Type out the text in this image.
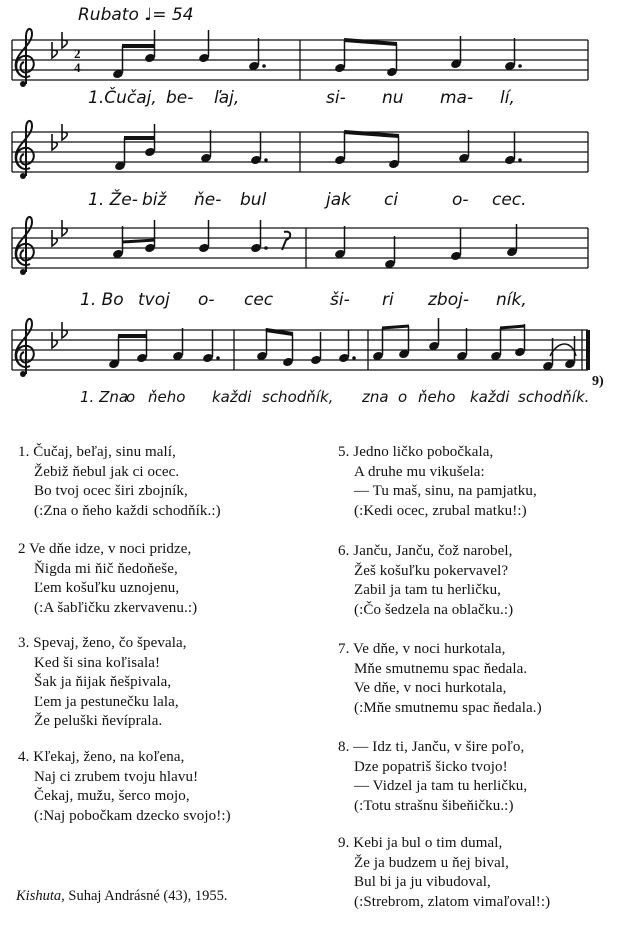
Rubato ♩= 54
2
4
1.Čučaj, be- ľaj,	si- nu ma- lí,
1. Že- biž ňe- bul	jak ci	o- cec.
1. Bo tvoj o- cec	ši- ri zboj- ník,
1. Zna
o ňeho každi schodňík, zna o ňeho každi schodňík.
9)
1. Čučaj, beľaj, sinu malí,
Žebiž ňebul jak ci ocec.
Bo tvoj ocec širi zbojník,
(:Zna o ňeho každi schodňík.:)
2 Ve dňe idze, v noci pridze,
Ňigda mi ňič ňedoňeše,
Ľem košuľku uznojenu,
(:A šabľičku zkervavenu.:)
3. Spevaj, ženo, čo špevala,
Ked ši sina koľisala!
Šak ja ňijak ňešpivala,
Ľem ja pestunečku lala,
Že peluški ňevíprala.
4. Kľekaj, ženo, na koľena,
Naj ci zrubem tvoju hlavu!
Čekaj, mužu, šerco mojo,
(:Naj pobočkam dzecko svojo!:)
5. Jedno ličko pobočkala,
A druhe mu vikušela:
— Tu maš, sinu, na pamjatku,
(:Kedi ocec, zrubal matku!:)
6. Janču, Janču, čož narobel,
Žeš košuľku pokervavel?
Zabil ja tam tu herličku,
(:Čo šedzela na oblačku.:)
7. Ve dňe, v noci hurkotala,
Mňe smutnemu spac ňedala.
Ve dňe, v noci hurkotala,
(:Mňe smutnemu spac ňedala.)
8. — Idz ti, Janču, v šire poľo,
Dze popatriš šicko tvojo!
— Vidzel ja tam tu herličku,
(:Totu strašnu šibeňičku.:)
9. Kebi ja bul o tim dumal,
Že ja budzem u ňej bival,
Bul bi ja ju vibudoval,
(:Strebrom, zlatom vimaľoval!:)
Kishuta, Suhaj Andrásné (43), 1955.
